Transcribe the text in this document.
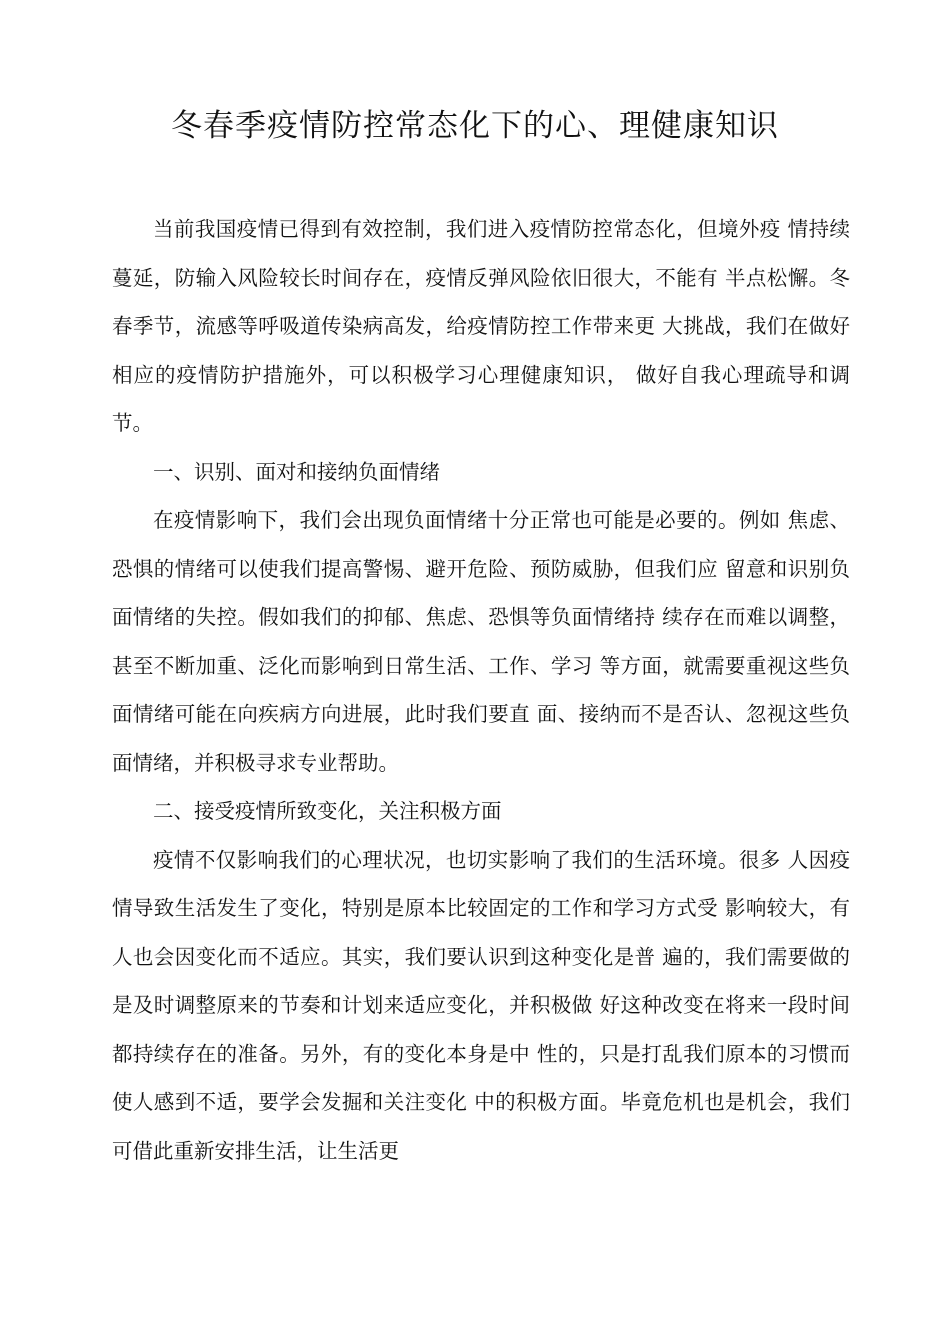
冬春季疫情防控常态化下的心、理健康知识

当前我国疫情已得到有效控制，我们进入疫情防控常态化，但境外疫 情持续蔓延，防输入风险较长时间存在，疫情反弹风险依旧很大，不能有 半点松懈。冬春季节，流感等呼吸道传染病高发，给疫情防控工作带来更 大挑战，我们在做好相应的疫情防护措施外，可以积极学习心理健康知识， 做好自我心理疏导和调节。

一、识别、面对和接纳负面情绪

在疫情影响下，我们会出现负面情绪十分正常也可能是必要的。例如 焦虑、恐惧的情绪可以使我们提高警惕、避开危险、预防威胁，但我们应 留意和识别负面情绪的失控。假如我们的抑郁、焦虑、恐惧等负面情绪持 续存在而难以调整，甚至不断加重、泛化而影响到日常生活、工作、学习 等方面，就需要重视这些负面情绪可能在向疾病方向进展，此时我们要直 面、接纳而不是否认、忽视这些负面情绪，并积极寻求专业帮助。

二、接受疫情所致变化，关注积极方面

疫情不仅影响我们的心理状况，也切实影响了我们的生活环境。很多 人因疫情导致生活发生了变化，特别是原本比较固定的工作和学习方式受 影响较大，有人也会因变化而不适应。其实，我们要认识到这种变化是普 遍的，我们需要做的是及时调整原来的节奏和计划来适应变化，并积极做 好这种改变在将来一段时间都持续存在的准备。另外，有的变化本身是中 性的，只是打乱我们原本的习惯而使人感到不适，要学会发掘和关注变化 中的积极方面。毕竟危机也是机会，我们可借此重新安排生活，让生活更
